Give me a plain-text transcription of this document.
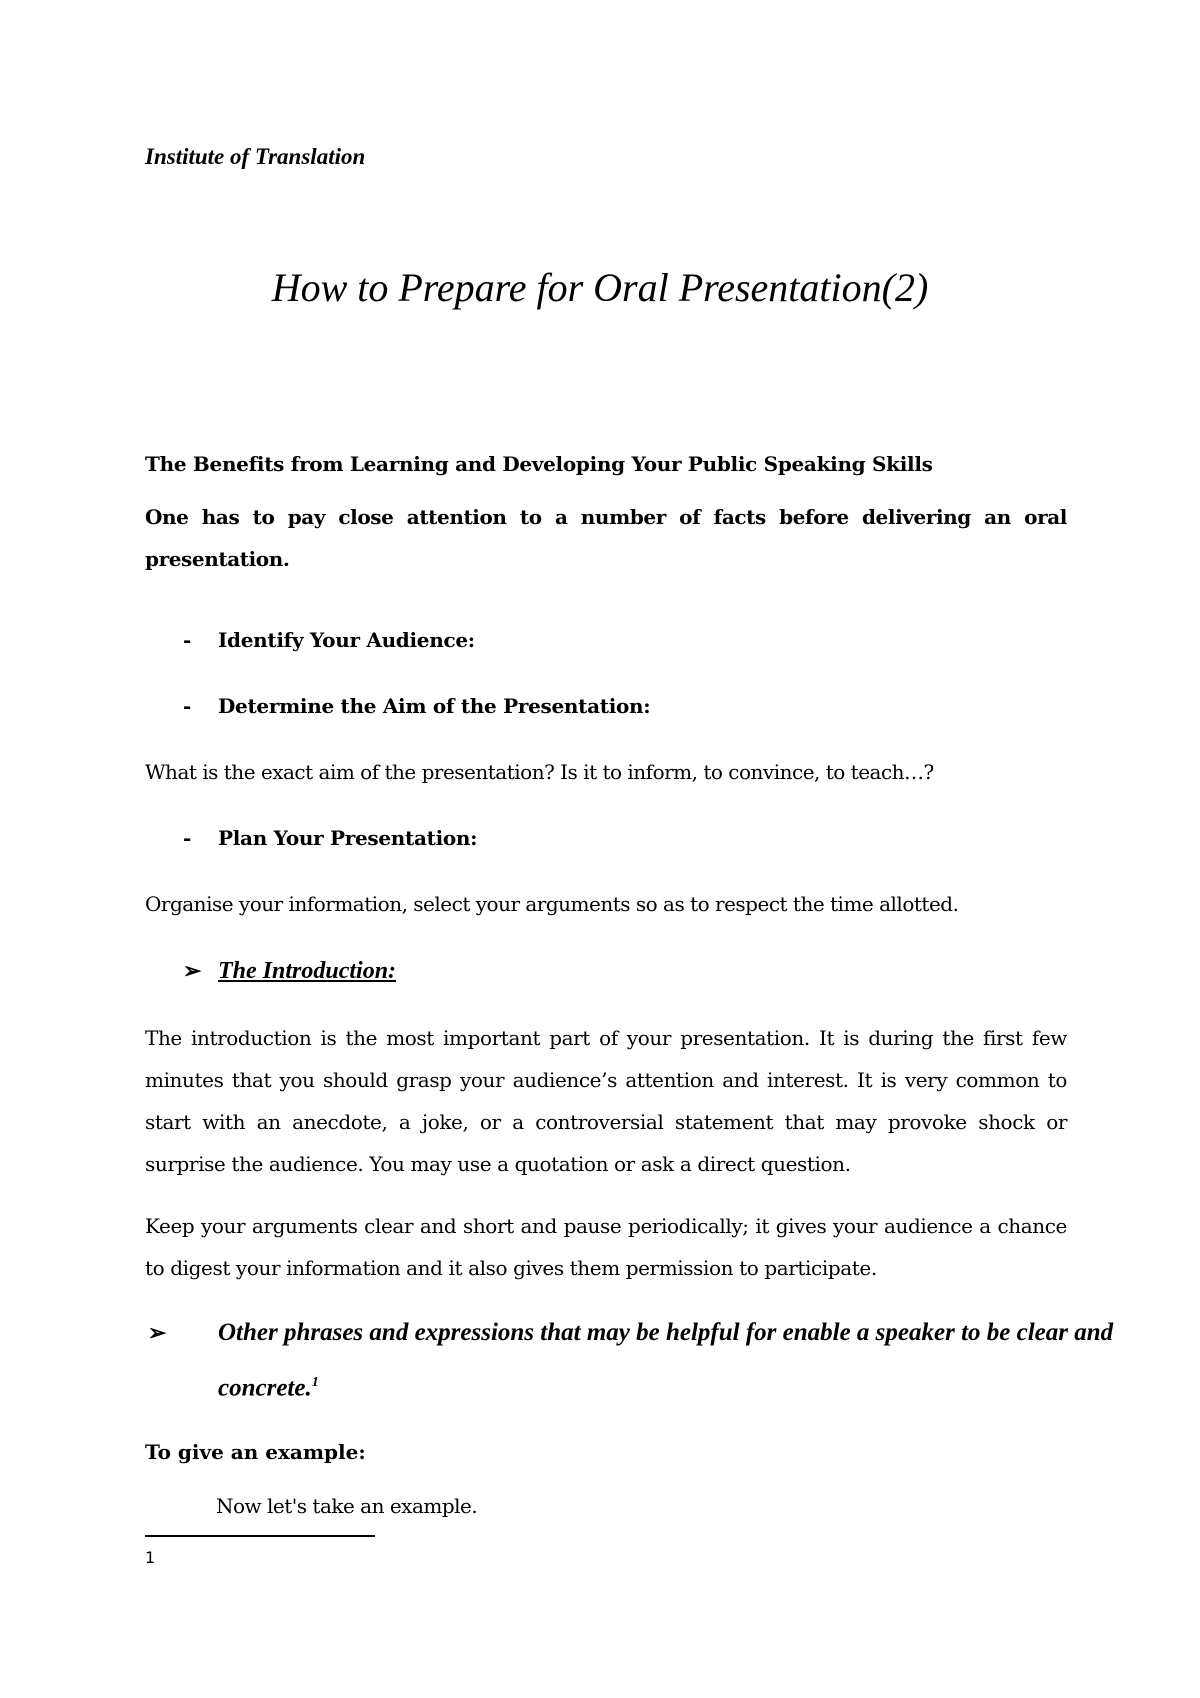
Institute of Translation

How to Prepare for Oral Presentation(2)

The Benefits from Learning and Developing Your Public Speaking Skills

One has to pay close attention to a number of facts before delivering an oral presentation.

- Identify Your Audience:

- Determine the Aim of the Presentation:

What is the exact aim of the presentation? Is it to inform, to convince, to teach…?

- Plan Your Presentation:

Organise your information, select your arguments so as to respect the time allotted.

➢ The Introduction:

The introduction is the most important part of your presentation. It is during the first few minutes that you should grasp your audience’s attention and interest. It is very common to start with an anecdote, a joke, or a controversial statement that may provoke shock or surprise the audience. You may use a quotation or ask a direct question.

Keep your arguments clear and short and pause periodically; it gives your audience a chance to digest your information and it also gives them permission to participate.

➢ Other phrases and expressions that may be helpful for enable a speaker to be clear and concrete.$^1$

To give an example:

Now let's take an example.

1
